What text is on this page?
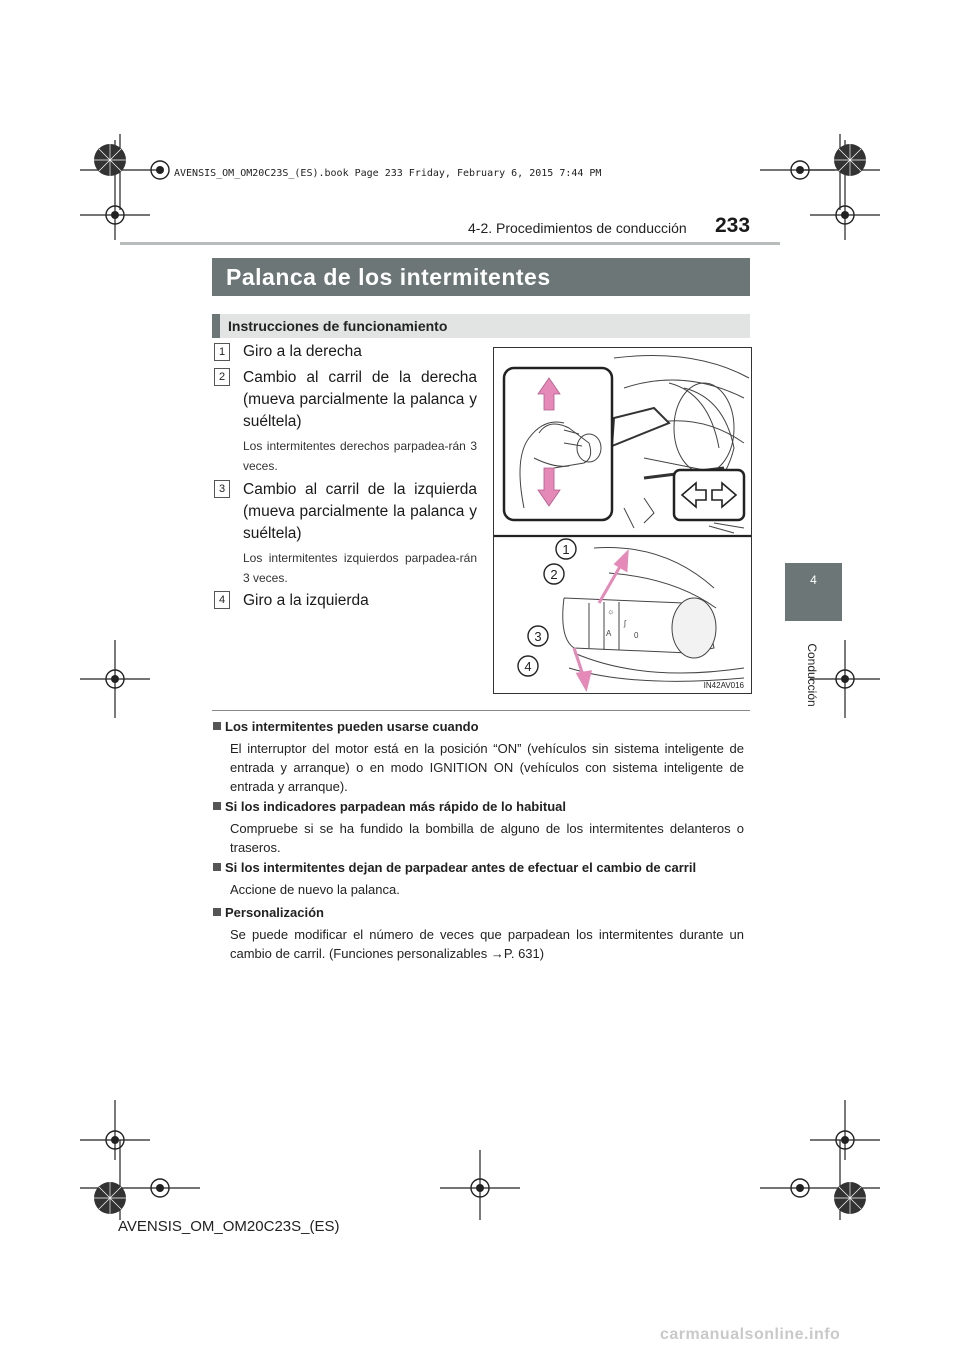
AVENSIS_OM_OM20C23S_(ES).book Page 233 Friday, February 6, 2015 7:44 PM
4-2. Procedimientos de conducción 233
Palanca de los intermitentes
Instrucciones de funcionamiento
1	Giro a la derecha
2	Cambio al carril de la derecha (mueva parcialmente la palanca y suéltela)
Los intermitentes derechos parpadea-rán 3 veces.
3	Cambio al carril de la izquierda (mueva parcialmente la palanca y suéltela)
Los intermitentes izquierdos parpadea-rán 3 veces.
4	Giro a la izquierda
☼
ʃ
A	0
1
2
3
4
IN42AV016
4
Conducción
Los intermitentes pueden usarse cuando
El interruptor del motor está en la posición “ON” (vehículos sin sistema inteligente de entrada y arranque) o en modo IGNITION ON (vehículos con sistema inteligente de entrada y arranque).
Si los indicadores parpadean más rápido de lo habitual
Compruebe si se ha fundido la bombilla de alguno de los intermitentes delanteros o traseros.
Si los intermitentes dejan de parpadear antes de efectuar el cambio de carril
Accione de nuevo la palanca.
Personalización
Se puede modificar el número de veces que parpadean los intermitentes durante un cambio de carril. (Funciones personalizables →P. 631)
AVENSIS_OM_OM20C23S_(ES)
carmanualsonline.info
